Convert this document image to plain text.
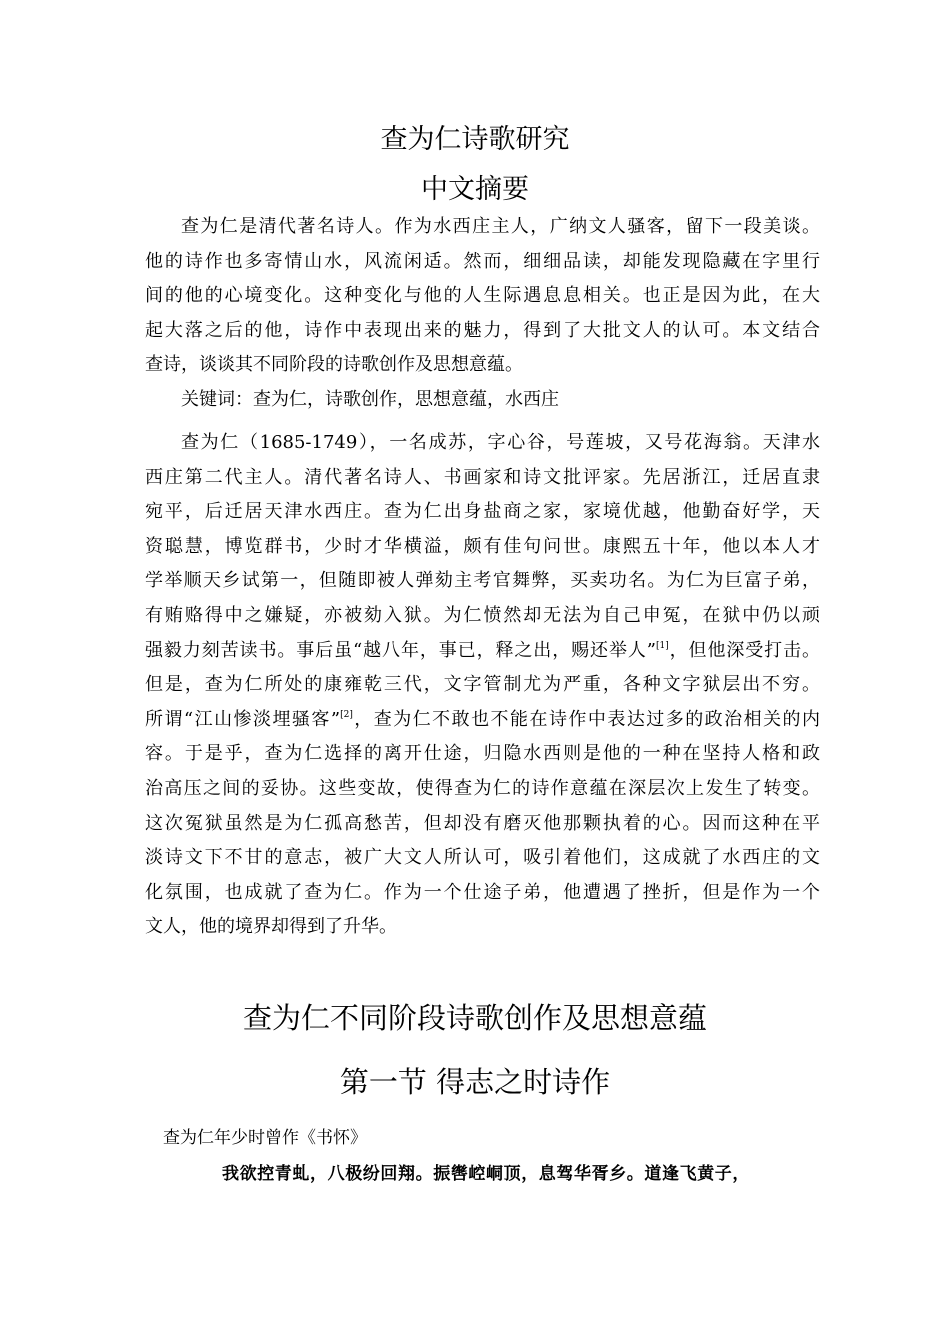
查为仁诗歌研究
中文摘要
查为仁是清代著名诗人。作为水西庄主人，广纳文人骚客，留下一段美谈。
他的诗作也多寄情山水，风流闲适。然而，细细品读，却能发现隐藏在字里行
间的他的心境变化。这种变化与他的人生际遇息息相关。也正是因为此，在大
起大落之后的他，诗作中表现出来的魅力，得到了大批文人的认可。本文结合
查诗，谈谈其不同阶段的诗歌创作及思想意蕴。
关键词：查为仁，诗歌创作，思想意蕴，水西庄
查为仁（1685-1749），一名成苏，字心谷，号莲坡，又号花海翁。天津水
西庄第二代主人。清代著名诗人、书画家和诗文批评家。先居浙江，迁居直隶
宛平，后迁居天津水西庄。查为仁出身盐商之家，家境优越，他勤奋好学，天
资聪慧，博览群书，少时才华横溢，颇有佳句问世。康熙五十年，他以本人才
学举顺天乡试第一，但随即被人弹劾主考官舞弊，买卖功名。为仁为巨富子弟，
有贿赂得中之嫌疑，亦被劾入狱。为仁愤然却无法为自己申冤，在狱中仍以顽
强毅力刻苦读书。事后虽“越八年，事已，释之出，赐还举人”[1]，但他深受打击。
但是，查为仁所处的康雍乾三代，文字管制尤为严重，各种文字狱层出不穷。
所谓“江山惨淡埋骚客”[2]，查为仁不敢也不能在诗作中表达过多的政治相关的内
容。于是乎，查为仁选择的离开仕途，归隐水西则是他的一种在坚持人格和政
治高压之间的妥协。这些变故，使得查为仁的诗作意蕴在深层次上发生了转变。
这次冤狱虽然是为仁孤高愁苦，但却没有磨灭他那颗执着的心。因而这种在平
淡诗文下不甘的意志，被广大文人所认可，吸引着他们，这成就了水西庄的文
化氛围，也成就了查为仁。作为一个仕途子弟，他遭遇了挫折，但是作为一个
文人，他的境界却得到了升华。
查为仁不同阶段诗歌创作及思想意蕴
第一节 得志之时诗作
查为仁年少时曾作《书怀》
我欲控青虬，八极纷回翔。振辔崆峒顶，息驾华胥乡。道逢飞黄子，
